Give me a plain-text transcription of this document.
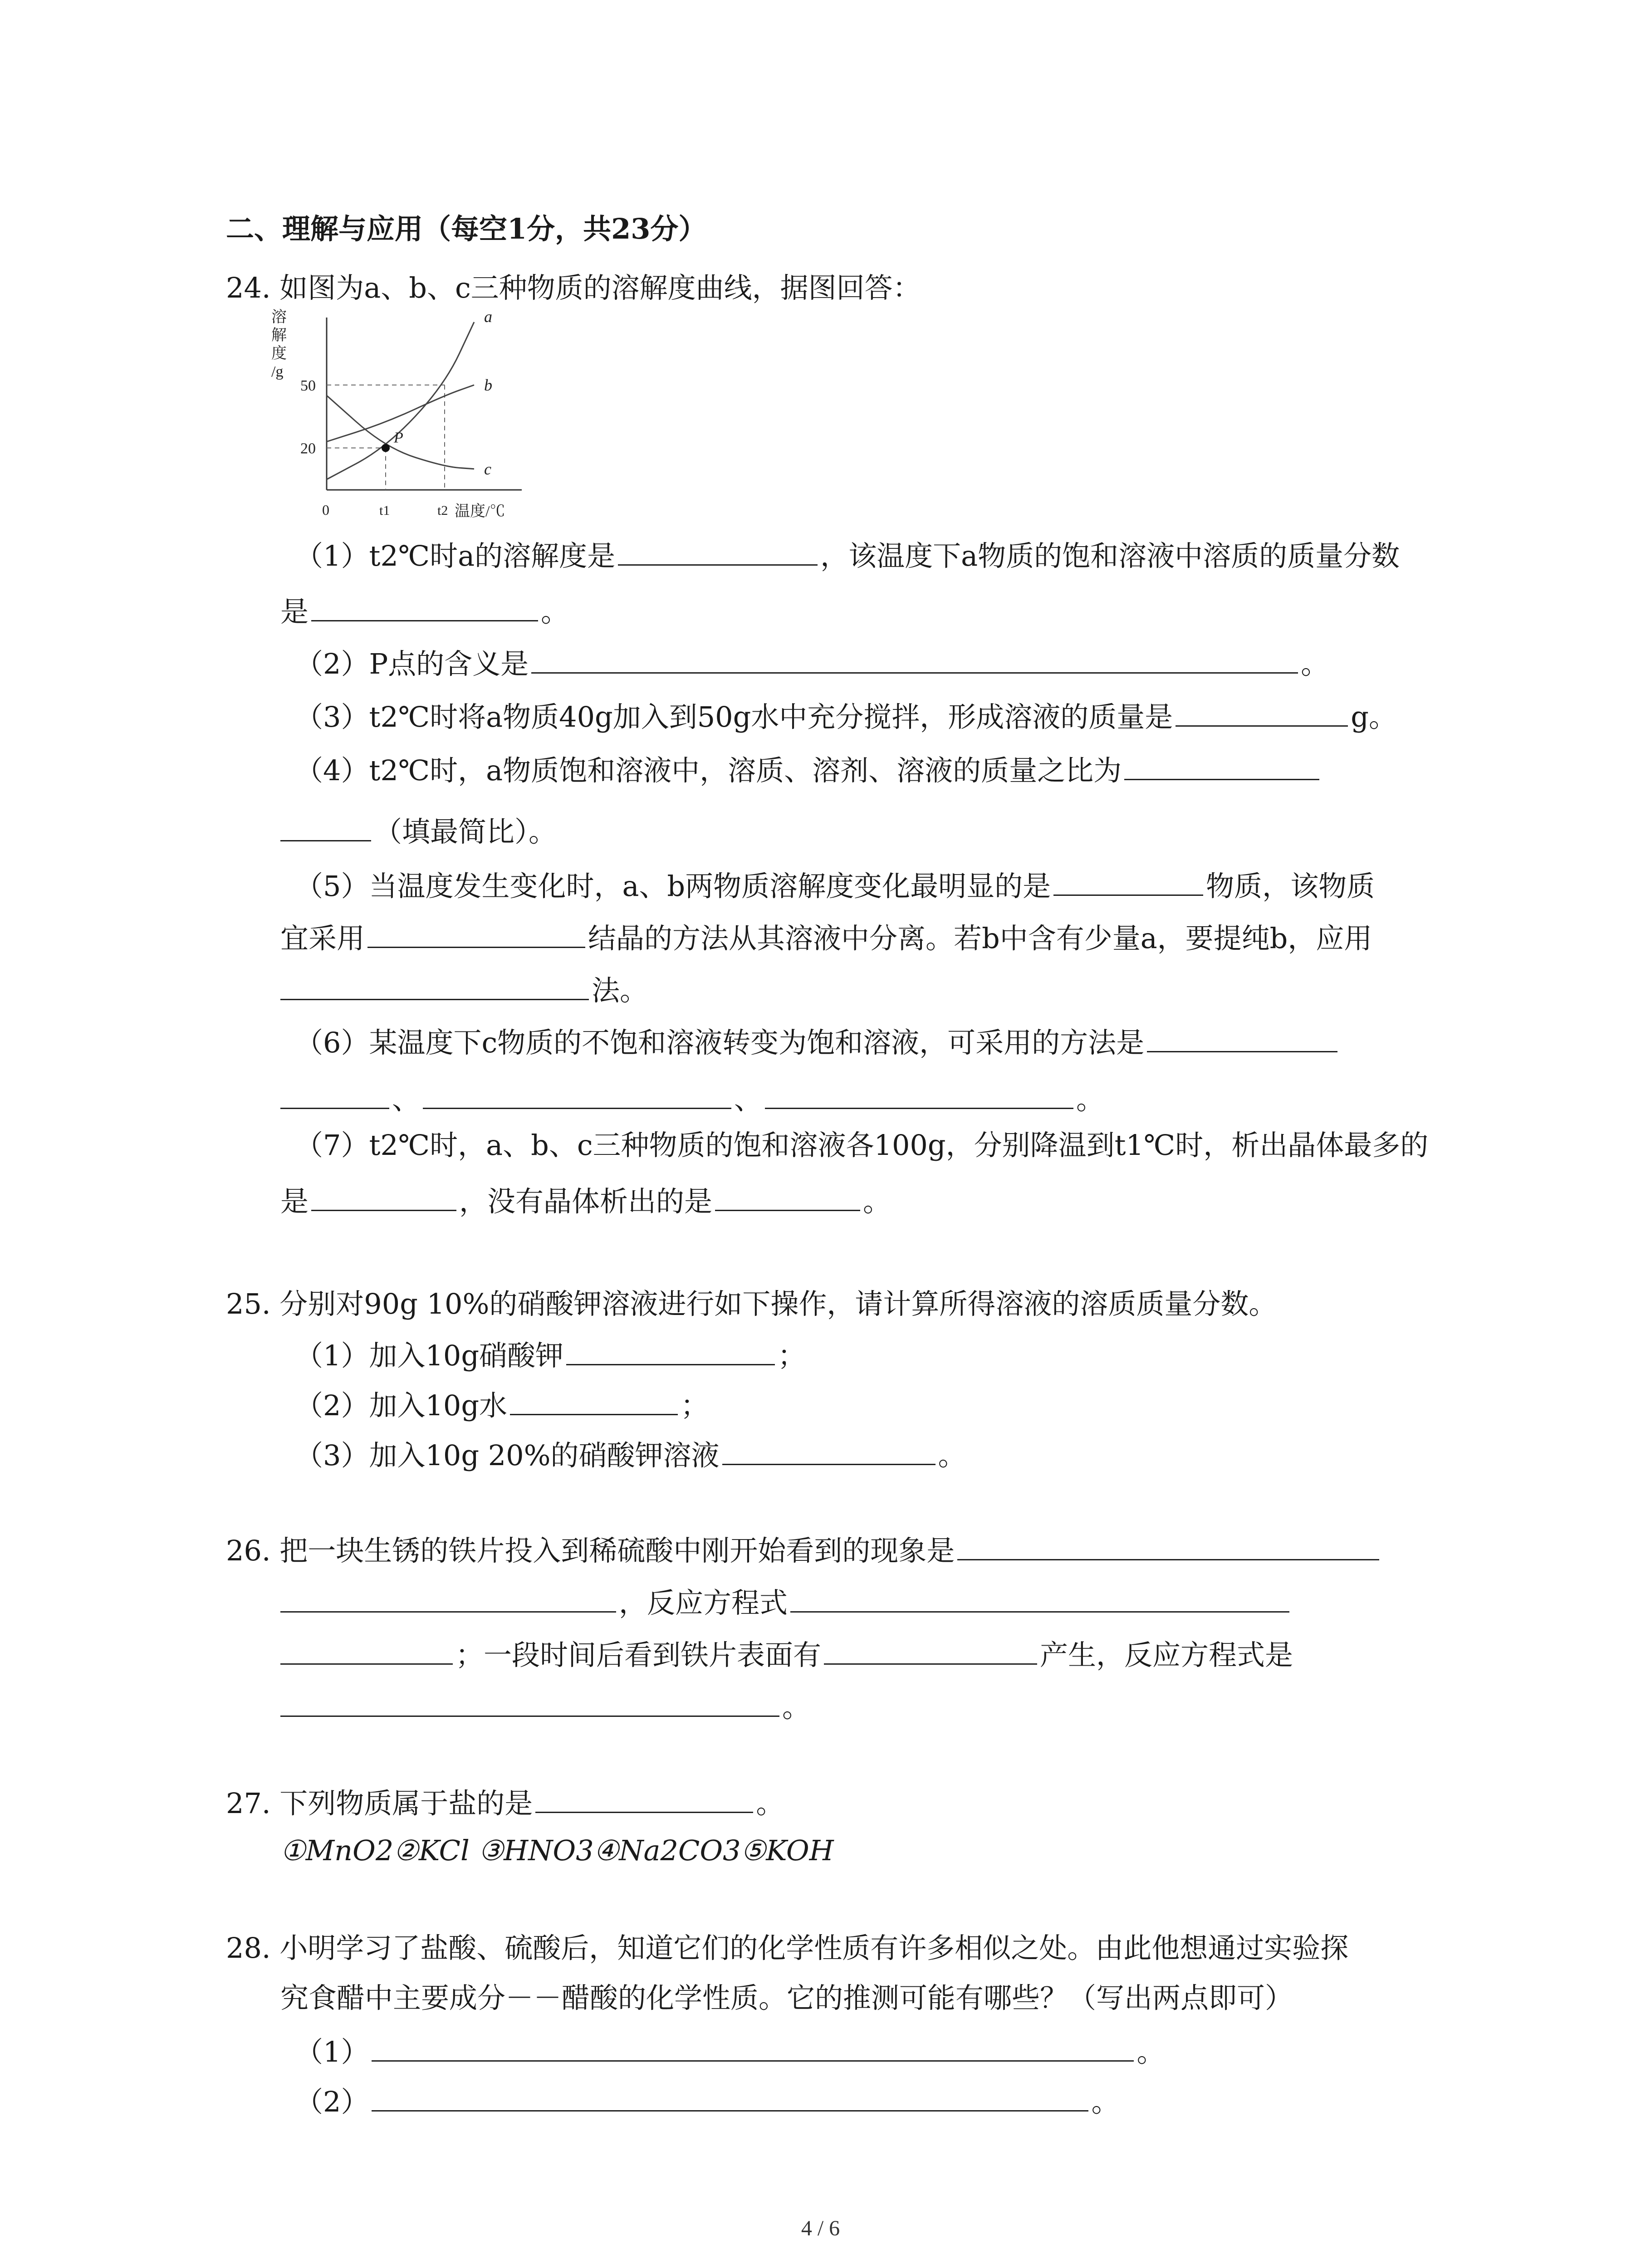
二、理解与应用（每空1分，共23分）
24. 如图为a、b、c三种物质的溶解度曲线，据图回答：
溶解度/g
50
20
0	t1	t2 温度/℃
a
b
c
P
（1）t2℃时a的溶解度是	，该温度下a物质的饱和溶液中溶质的质量分数
是	。
（2）P点的含义是	。
（3）t2℃时将a物质40g加入到50g水中充分搅拌，形成溶液的质量是	g。
（4）t2℃时，a物质饱和溶液中，溶质、溶剂、溶液的质量之比为
（填最简比）。
（5）当温度发生变化时，a、b两物质溶解度变化最明显的是	物质，该物质
宜采用	结晶的方法从其溶液中分离。若b中含有少量a，要提纯b，应用
法。
（6）某温度下c物质的不饱和溶液转变为饱和溶液，可采用的方法是
、	、	。
（7）t2℃时，a、b、c三种物质的饱和溶液各100g，分别降温到t1℃时，析出晶体最多的
是	，没有晶体析出的是	。
25. 分别对90g 10%的硝酸钾溶液进行如下操作，请计算所得溶液的溶质质量分数。
（1）加入10g硝酸钾	；
（2）加入10g水	；
（3）加入10g 20%的硝酸钾溶液	。
26. 把一块生锈的铁片投入到稀硫酸中刚开始看到的现象是
，反应方程式
；一段时间后看到铁片表面有	产生，反应方程式是
。
27. 下列物质属于盐的是	。
①MnO2②KCl ③HNO3④Na2CO3⑤KOH
28. 小明学习了盐酸、硫酸后，知道它们的化学性质有许多相似之处。由此他想通过实验探
究食醋中主要成分－－醋酸的化学性质。它的推测可能有哪些？（写出两点即可）
（1）	。
（2）	。
4 / 6
